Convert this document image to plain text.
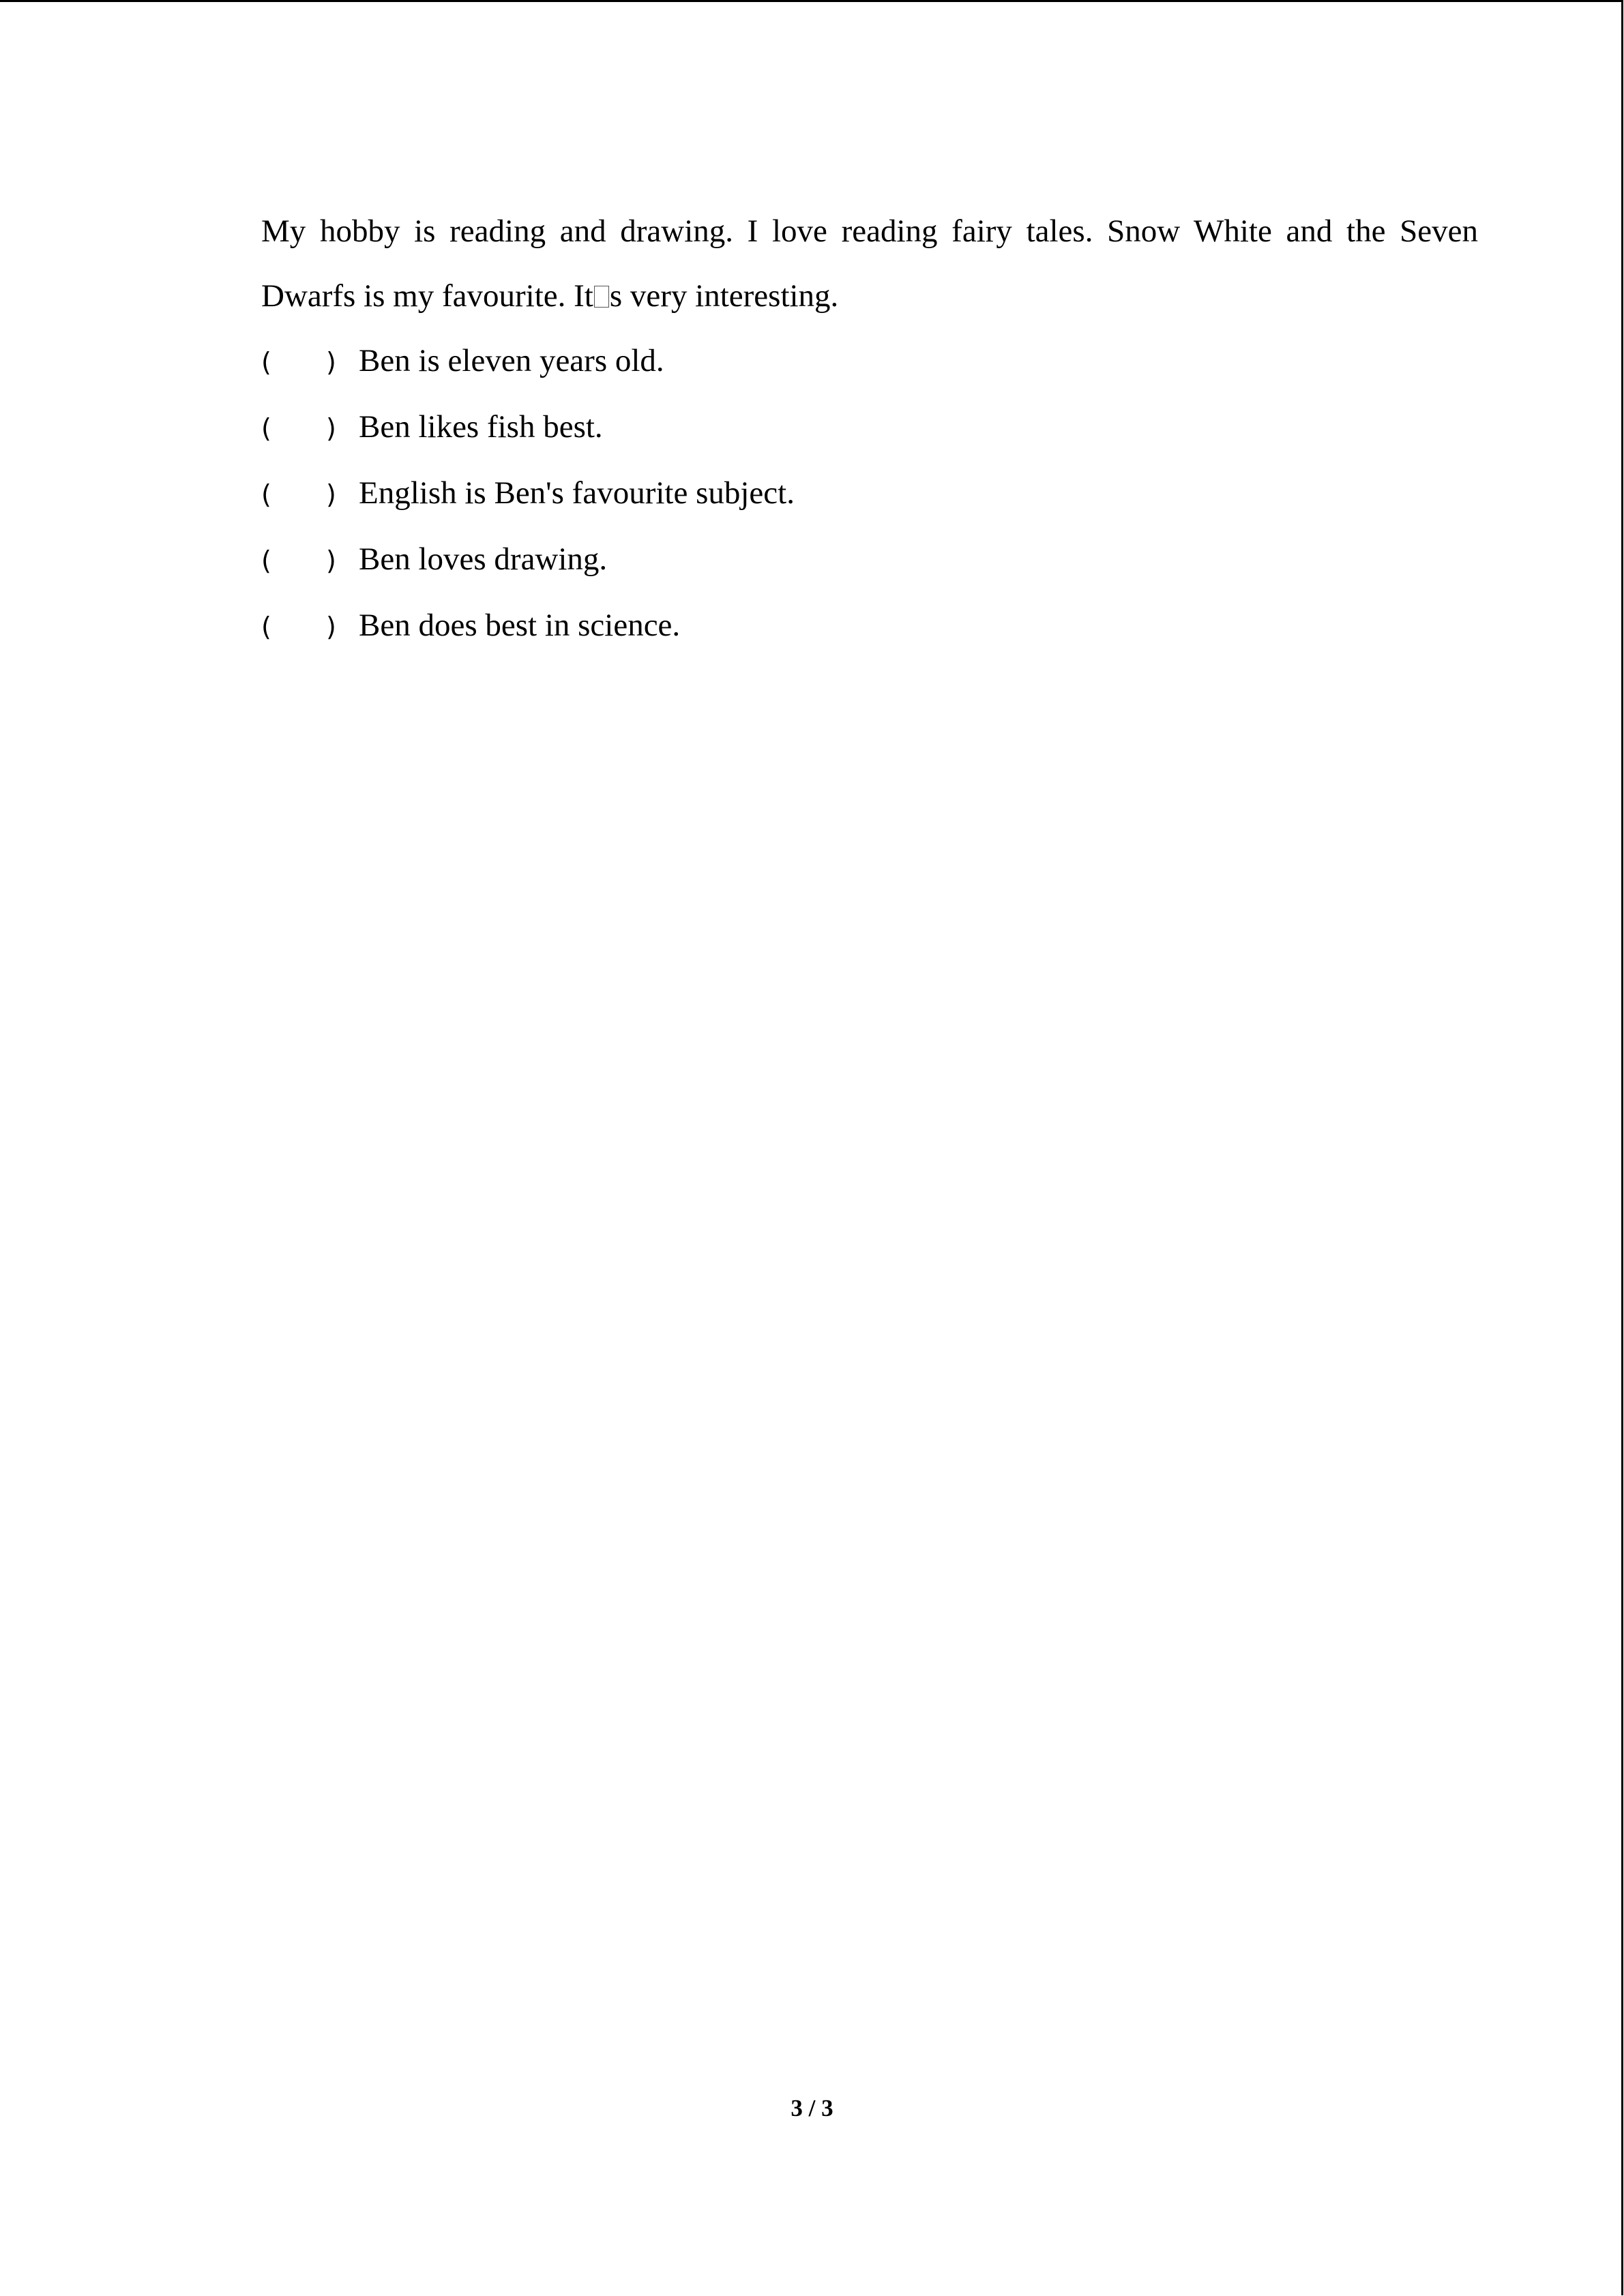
My hobby is reading and drawing. I love reading fairy tales. Snow White and the Seven
Dwarfs is my favourite. It s very interesting.

(	) Ben is eleven years old.
(	) Ben likes fish best.
(	) English is Ben's favourite subject.
(	) Ben loves drawing.
(	) Ben does best in science.
3 / 3
